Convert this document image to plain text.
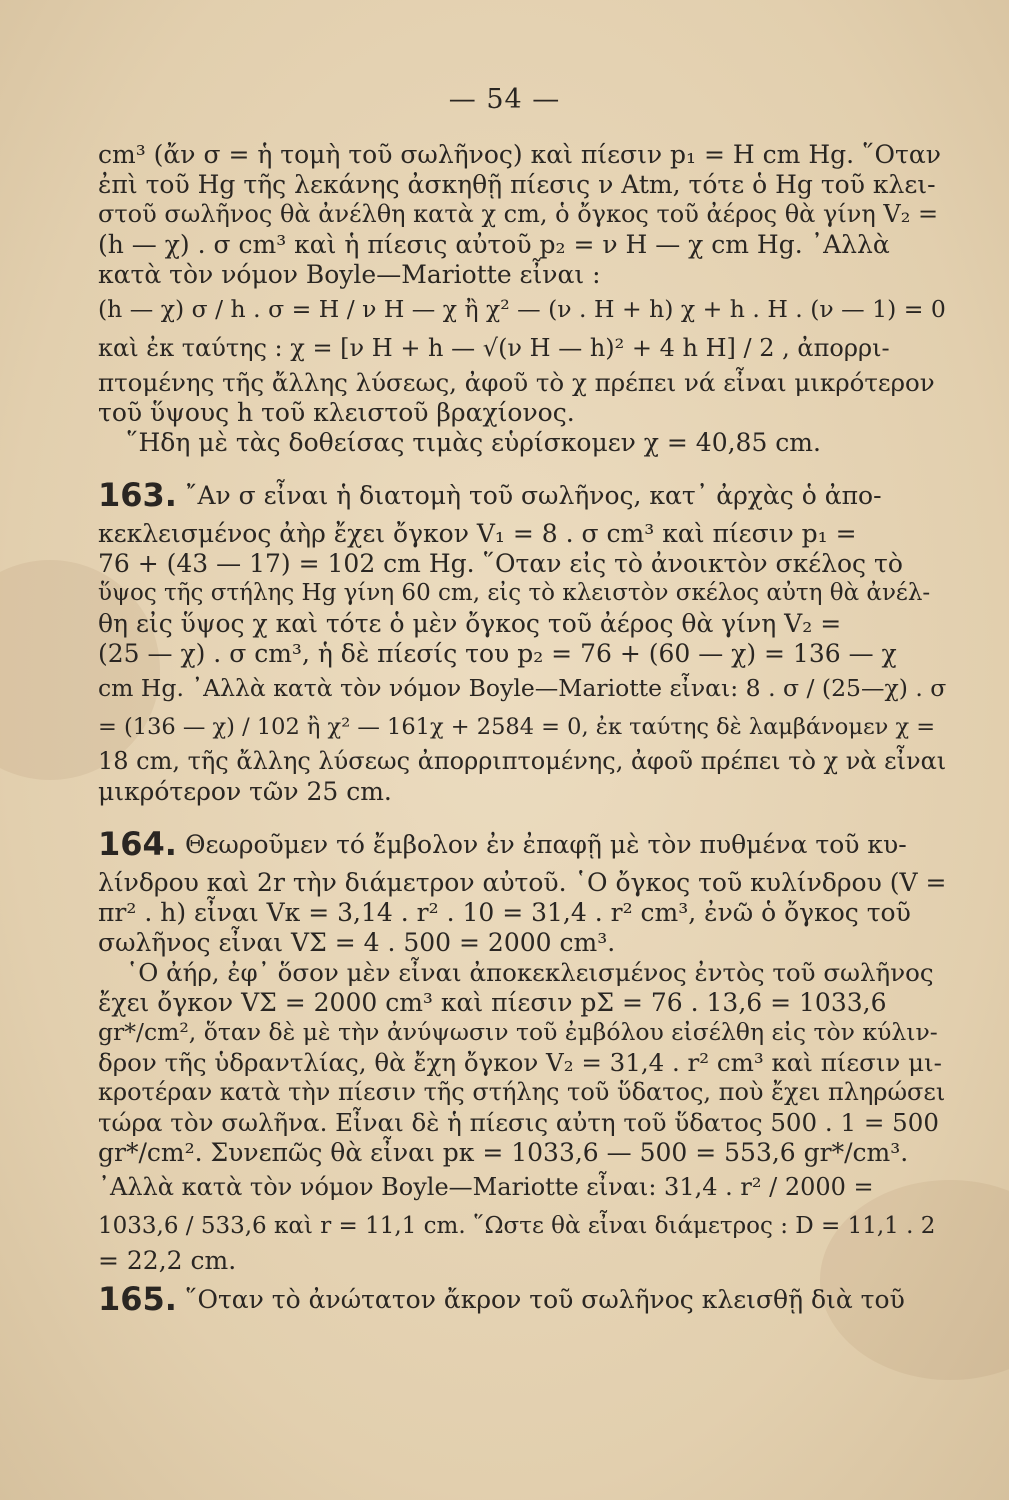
— 54 —
cm³ (ἄν σ = ἡ τομὴ τοῦ σωλῆνος) καὶ πίεσιν p₁ = H cm Hg. ῞Οταν
ἐπὶ τοῦ Hg τῆς λεκάνης ἀσκηθῇ πίεσις ν Atm, τότε ὁ Hg τοῦ κλει-
στοῦ σωλῆνος θὰ ἀνέλθη κατὰ χ cm, ὁ ὄγκος τοῦ ἀέρος θὰ γίνη V₂ =
(h — χ) . σ cm³ καὶ ἡ πίεσις αὐτοῦ p₂ = ν H — χ cm Hg. ᾿Αλλὰ
κατὰ τὸν νόμον Boyle—Mariotte εἶναι :
(h — χ) σ / h . σ = H / ν H — χ ἢ χ² — (ν . H + h) χ + h . H . (ν — 1) = 0
καὶ ἐκ ταύτης : χ = [ν H + h — √(ν H — h)² + 4 h H] / 2 , ἀπορρι-
πτομένης τῆς ἄλλης λύσεως, ἀφοῦ τὸ χ πρέπει νά εἶναι μικρότερον
τοῦ ὕψους h τοῦ κλειστοῦ βραχίονος.
῞Ηδη μὲ τὰς δοθείσας τιμὰς εὑρίσκομεν χ = 40,85 cm.
163. ῎Αν σ εἶναι ἡ διατομὴ τοῦ σωλῆνος, κατ᾿ ἀρχὰς ὁ ἀπο-
κεκλεισμένος ἀὴρ ἔχει ὄγκον V₁ = 8 . σ cm³ καὶ πίεσιν p₁ =
76 + (43 — 17) = 102 cm Hg. ῞Οταν εἰς τὸ ἀνοικτὸν σκέλος τὸ
ὕψος τῆς στήλης Hg γίνη 60 cm, εἰς τὸ κλειστὸν σκέλος αὐτη θὰ ἀνέλ-
θη εἰς ὕψος χ καὶ τότε ὁ μὲν ὄγκος τοῦ ἀέρος θὰ γίνη V₂ =
(25 — χ) . σ cm³, ἡ δὲ πίεσίς του p₂ = 76 + (60 — χ) = 136 — χ
cm Hg. ᾿Αλλὰ κατὰ τὸν νόμον Boyle—Mariotte εἶναι: 8 . σ / (25—χ) . σ
= (136 — χ) / 102 ἢ χ² — 161χ + 2584 = 0, ἐκ ταύτης δὲ λαμβάνομεν χ =
18 cm, τῆς ἄλλης λύσεως ἀπορριπτομένης, ἀφοῦ πρέπει τὸ χ νὰ εἶναι
μικρότερον τῶν 25 cm.
164. Θεωροῦμεν τό ἔμβολον ἐν ἐπαφῇ μὲ τὸν πυθμένα τοῦ κυ-
λίνδρου καὶ 2r τὴν διάμετρον αὐτοῦ. ῾Ο ὄγκος τοῦ κυλίνδρου (V =
πr² . h) εἶναι Vκ = 3,14 . r² . 10 = 31,4 . r² cm³, ἐνῶ ὁ ὄγκος τοῦ
σωλῆνος εἶναι VΣ = 4 . 500 = 2000 cm³.
῾Ο ἀήρ, ἐφ᾿ ὅσον μὲν εἶναι ἀποκεκλεισμένος ἐντὸς τοῦ σωλῆνος
ἔχει ὄγκον VΣ = 2000 cm³ καὶ πίεσιν pΣ = 76 . 13,6 = 1033,6
gr*/cm², ὅταν δὲ μὲ τὴν ἀνύψωσιν τοῦ ἐμβόλου εἰσέλθη εἰς τὸν κύλιν-
δρον τῆς ὑδραντλίας, θὰ ἔχη ὄγκον V₂ = 31,4 . r² cm³ καὶ πίεσιν μι-
κροτέραν κατὰ τὴν πίεσιν τῆς στήλης τοῦ ὕδατος, ποὺ ἔχει πληρώσει
τώρα τὸν σωλῆνα. Εἶναι δὲ ἡ πίεσις αὐτη τοῦ ὕδατος 500 . 1 = 500
gr*/cm². Συνεπῶς θὰ εἶναι pκ = 1033,6 — 500 = 553,6 gr*/cm³.
᾿Αλλὰ κατὰ τὸν νόμον Boyle—Mariotte εἶναι: 31,4 . r² / 2000 =
1033,6 / 533,6 καὶ r = 11,1 cm. ῞Ωστε θὰ εἶναι διάμετρος : D = 11,1 . 2
= 22,2 cm.
165. ῞Οταν τὸ ἀνώτατον ἄκρον τοῦ σωλῆνος κλεισθῇ διὰ τοῦ
